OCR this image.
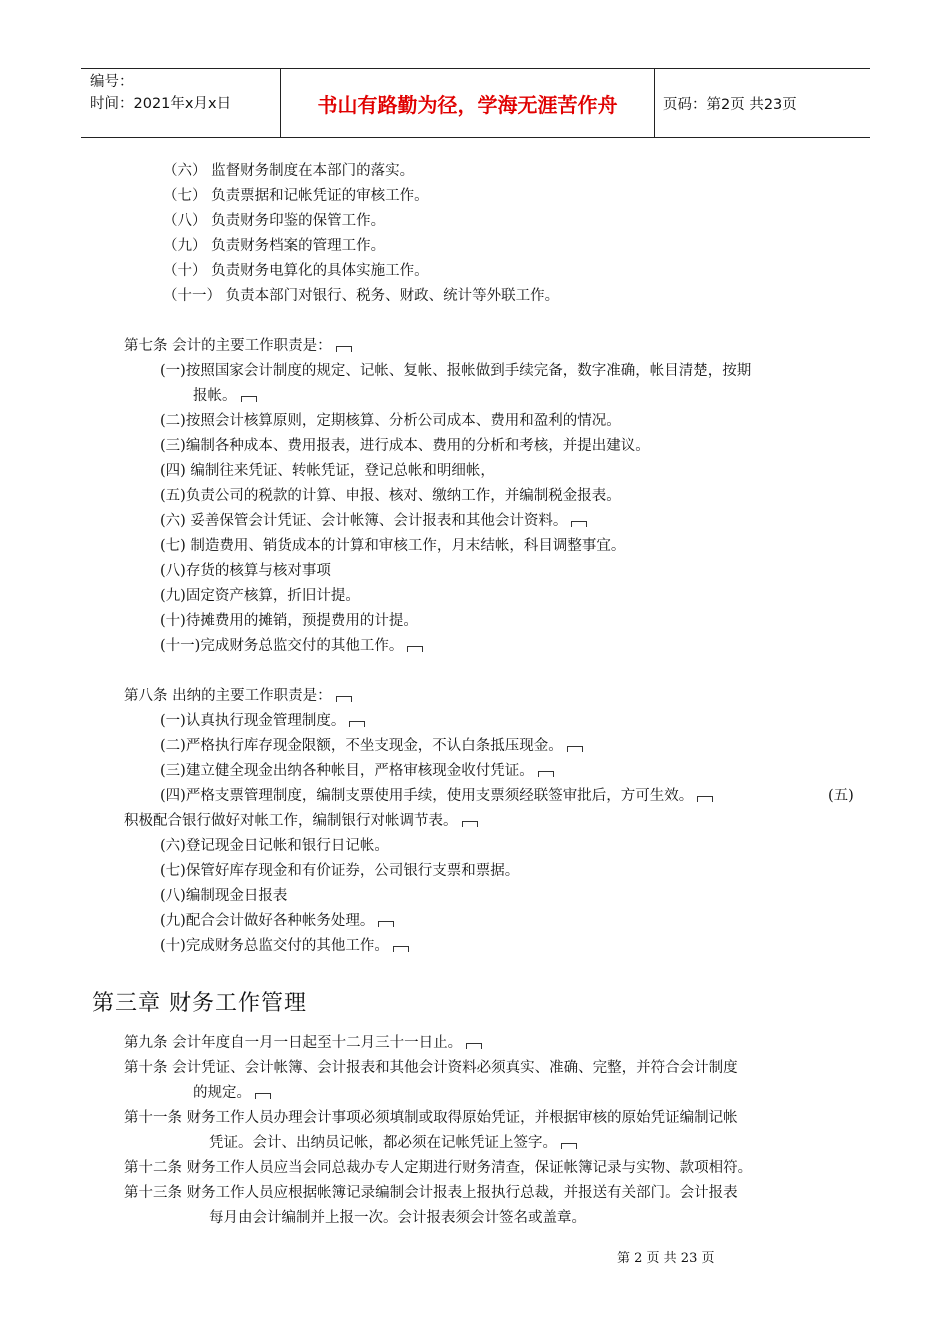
编号：
时间：2021年x月x日	书山有路勤为径，学海无涯苦作舟	页码：第2页 共23页
（六） 监督财务制度在本部门的落实。
（七） 负责票据和记帐凭证的审核工作。
（八） 负责财务印鉴的保管工作。
（九） 负责财务档案的管理工作。
（十） 负责财务电算化的具体实施工作。
（十一） 负责本部门对银行、税务、财政、统计等外联工作。
第七条 会计的主要工作职责是：
(一)按照国家会计制度的规定、记帐、复帐、报帐做到手续完备，数字准确，帐目清楚，按期
报帐。
(二)按照会计核算原则，定期核算、分析公司成本、费用和盈利的情况。
(三)编制各种成本、费用报表，进行成本、费用的分析和考核，并提出建议。
(四) 编制往来凭证、转帐凭证，登记总帐和明细帐，
(五)负责公司的税款的计算、申报、核对、缴纳工作，并编制税金报表。
(六) 妥善保管会计凭证、会计帐簿、会计报表和其他会计资料。
(七) 制造费用、销货成本的计算和审核工作，月末结帐，科目调整事宜。
(八)存货的核算与核对事项
(九)固定资产核算，折旧计提。
(十)待摊费用的摊销，预提费用的计提。
(十一)完成财务总监交付的其他工作。
第八条 出纳的主要工作职责是：
(一)认真执行现金管理制度。
(二)严格执行库存现金限额，不坐支现金，不认白条抵压现金。
(三)建立健全现金出纳各种帐目，严格审核现金收付凭证。
(四)严格支票管理制度，编制支票使用手续，使用支票须经联签审批后，方可生效。	(五)
积极配合银行做好对帐工作，编制银行对帐调节表。
(六)登记现金日记帐和银行日记帐。
(七)保管好库存现金和有价证券，公司银行支票和票据。
(八)编制现金日报表
(九)配合会计做好各种帐务处理。
(十)完成财务总监交付的其他工作。
第三章 财务工作管理
第九条 会计年度自一月一日起至十二月三十一日止。
第十条 会计凭证、会计帐簿、会计报表和其他会计资料必须真实、准确、完整，并符合会计制度
的规定。
第十一条 财务工作人员办理会计事项必须填制或取得原始凭证，并根据审核的原始凭证编制记帐
凭证。会计、出纳员记帐，都必须在记帐凭证上签字。
第十二条 财务工作人员应当会同总裁办专人定期进行财务清查，保证帐簿记录与实物、款项相符。
第十三条 财务工作人员应根据帐簿记录编制会计报表上报执行总裁，并报送有关部门。会计报表
每月由会计编制并上报一次。会计报表须会计签名或盖章。
第 2 页 共 23 页
